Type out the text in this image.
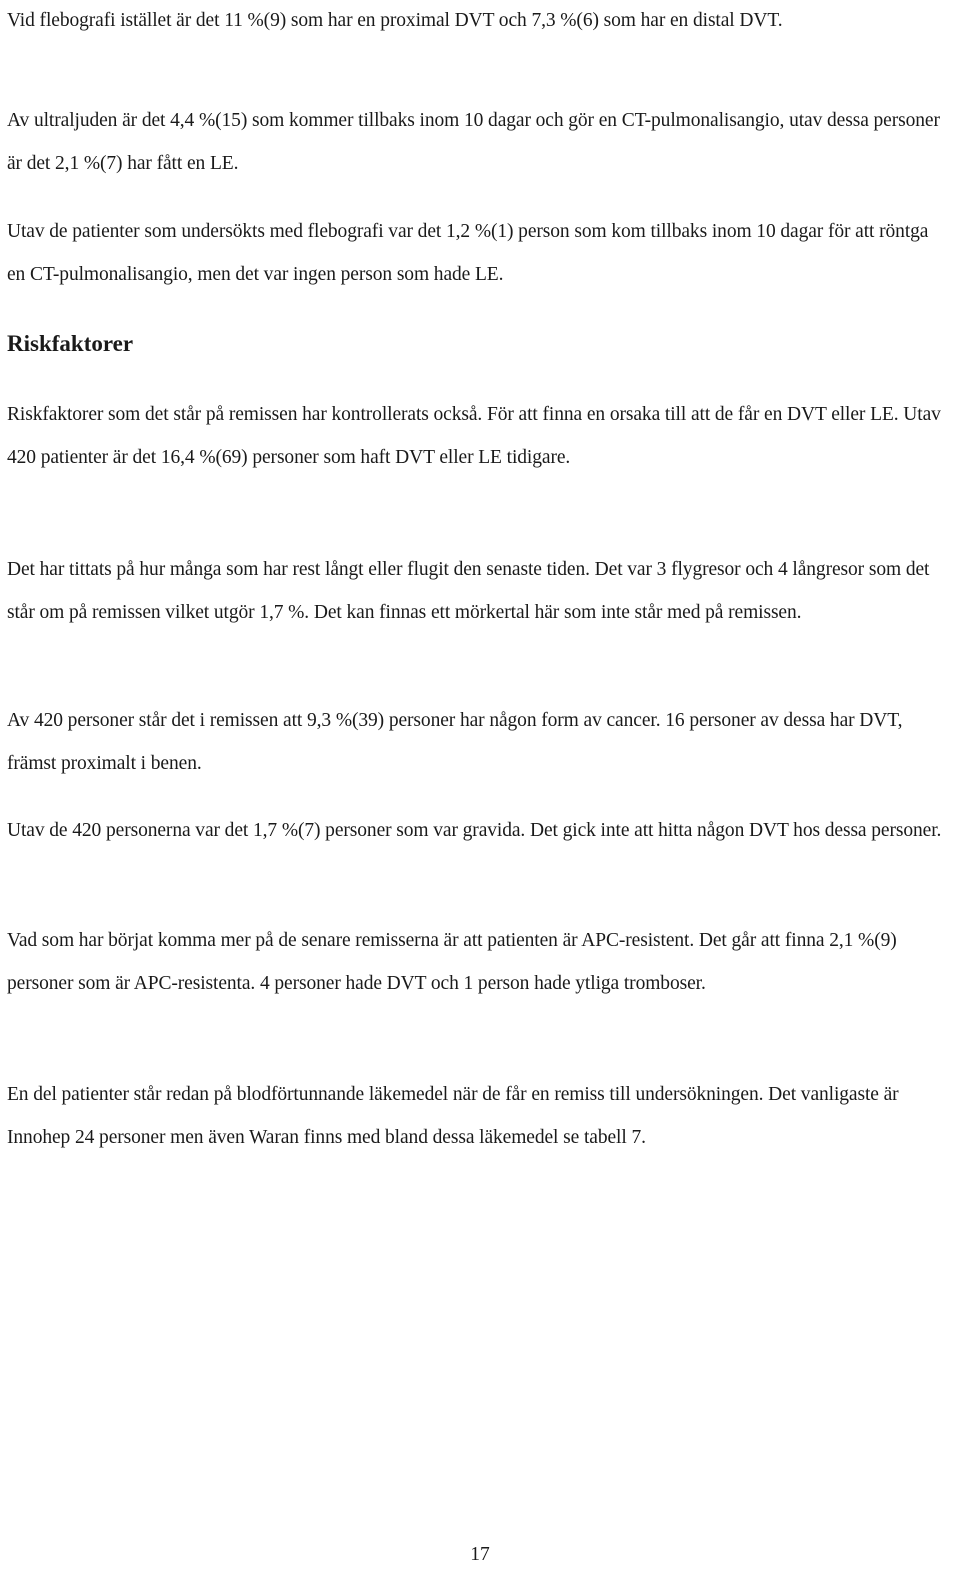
Vid flebografi istället är det 11 %(9) som har en proximal DVT och 7,3 %(6) som har en distal DVT.

Av ultraljuden är det 4,4 %(15) som kommer tillbaks inom 10 dagar och gör en CT-pulmonalisangio, utav dessa personer är det 2,1 %(7) har fått en LE.

Utav de patienter som undersökts med flebografi var det 1,2 %(1) person som kom tillbaks inom 10 dagar för att röntga en CT-pulmonalisangio, men det var ingen person som hade LE.

Riskfaktorer

Riskfaktorer som det står på remissen har kontrollerats också. För att finna en orsaka till att de får en DVT eller LE. Utav 420 patienter är det 16,4 %(69) personer som haft DVT eller LE tidigare.

Det har tittats på hur många som har rest långt eller flugit den senaste tiden. Det var 3 flygresor och 4 långresor som det står om på remissen vilket utgör 1,7 %. Det kan finnas ett mörkertal här som inte står med på remissen.

Av 420 personer står det i remissen att 9,3 %(39) personer har någon form av cancer. 16 personer av dessa har DVT, främst proximalt i benen.

Utav de 420 personerna var det 1,7 %(7) personer som var gravida. Det gick inte att hitta någon DVT hos dessa personer.

Vad som har börjat komma mer på de senare remisserna är att patienten är APC-resistent. Det går att finna 2,1 %(9) personer som är APC-resistenta. 4 personer hade DVT och 1 person hade ytliga tromboser.

En del patienter står redan på blodförtunnande läkemedel när de får en remiss till undersökningen. Det vanligaste är Innohep 24 personer men även Waran finns med bland dessa läkemedel se tabell 7.

17
